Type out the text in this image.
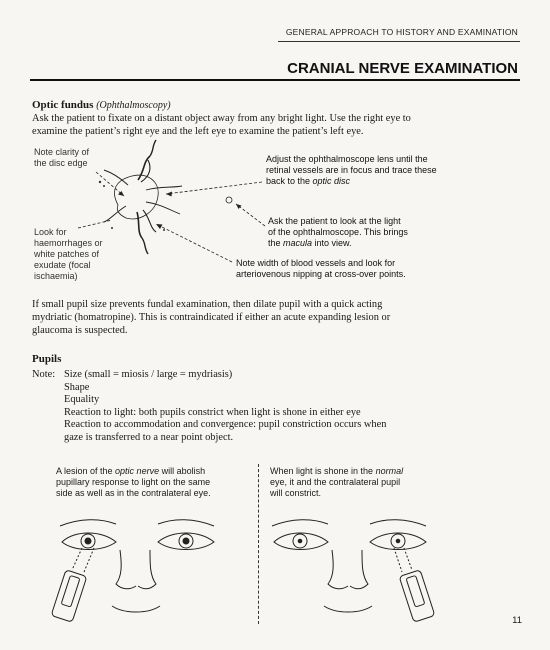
GENERAL APPROACH TO HISTORY AND EXAMINATION
CRANIAL NERVE EXAMINATION
Optic fundus (Ophthalmoscopy)
Ask the patient to fixate on a distant object away from any bright light. Use the right eye to
examine the patient’s right eye and the left eye to examine the patient’s left eye.
Note clarity of
the disc edge	Adjust the ophthalmoscope lens until the
retinal vessels are in focus and trace these
back to the optic disc
Look for
haemorrhages or
white patches of
exudate (focal
ischaemia)
Ask the patient to look at the light
of the ophthalmoscope. This brings
the macula into view.
Note width of blood vessels and look for
arteriovenous nipping at cross-over points.
If small pupil size prevents fundal examination, then dilate pupil with a quick acting
mydriatic (homatropine). This is contraindicated if either an acute expanding lesion or
glaucoma is suspected.
Pupils
Note: Size (small = miosis / large = mydriasis)
Shape
Equality
Reaction to light: both pupils constrict when light is shone in either eye
Reaction to accommodation and convergence: pupil constriction occurs when
gaze is transferred to a near point object.
A lesion of the optic nerve will abolish
pupillary response to light on the same
side as well as in the contralateral eye.
When light is shone in the normal
eye, it and the contralateral pupil
will constrict.
11
